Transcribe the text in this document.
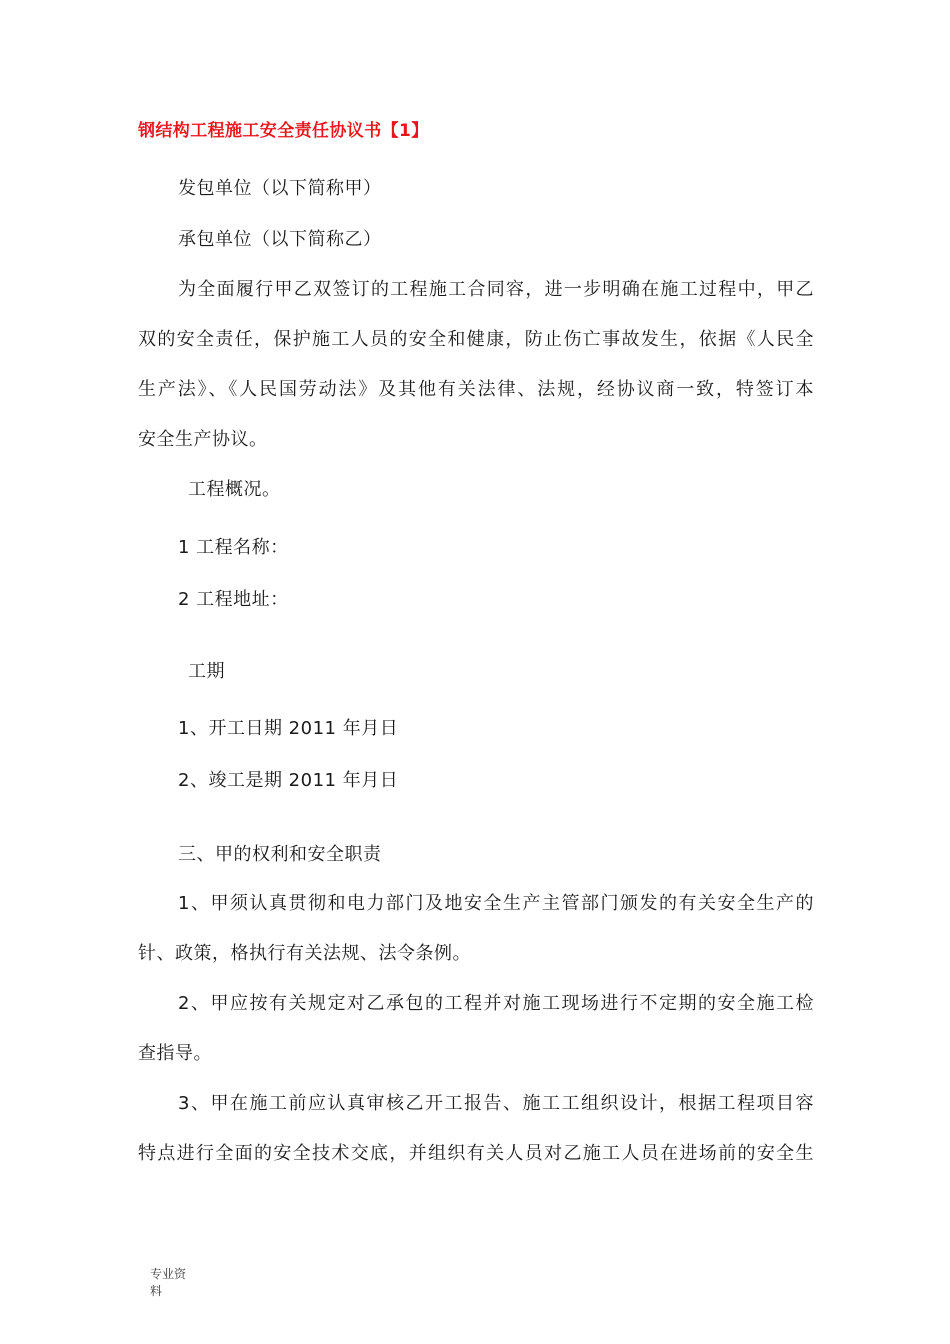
钢结构工程施工安全责任协议书【1】
发包单位（以下简称甲）
承包单位（以下简称乙）
为全面履行甲乙双签订的工程施工合同容，进一步明确在施工过程中，甲乙
双的安全责任，保护施工人员的安全和健康，防止伤亡事故发生，依据《人民全
生产法》、《人民国劳动法》及其他有关法律、法规，经协议商一致，特签订本
安全生产协议。
工程概况。
1 工程名称：
2 工程地址：
工期
1、开工日期 2011 年月日
2、竣工是期 2011 年月日
三、甲的权利和安全职责
1、甲须认真贯彻和电力部门及地安全生产主管部门颁发的有关安全生产的
针、政策，格执行有关法规、法令条例。
2、甲应按有关规定对乙承包的工程并对施工现场进行不定期的安全施工检
查指导。
3、甲在施工前应认真审核乙开工报告、施工工组织设计，根据工程项目容
特点进行全面的安全技术交底，并组织有关人员对乙施工人员在进场前的安全生
专业资
料
